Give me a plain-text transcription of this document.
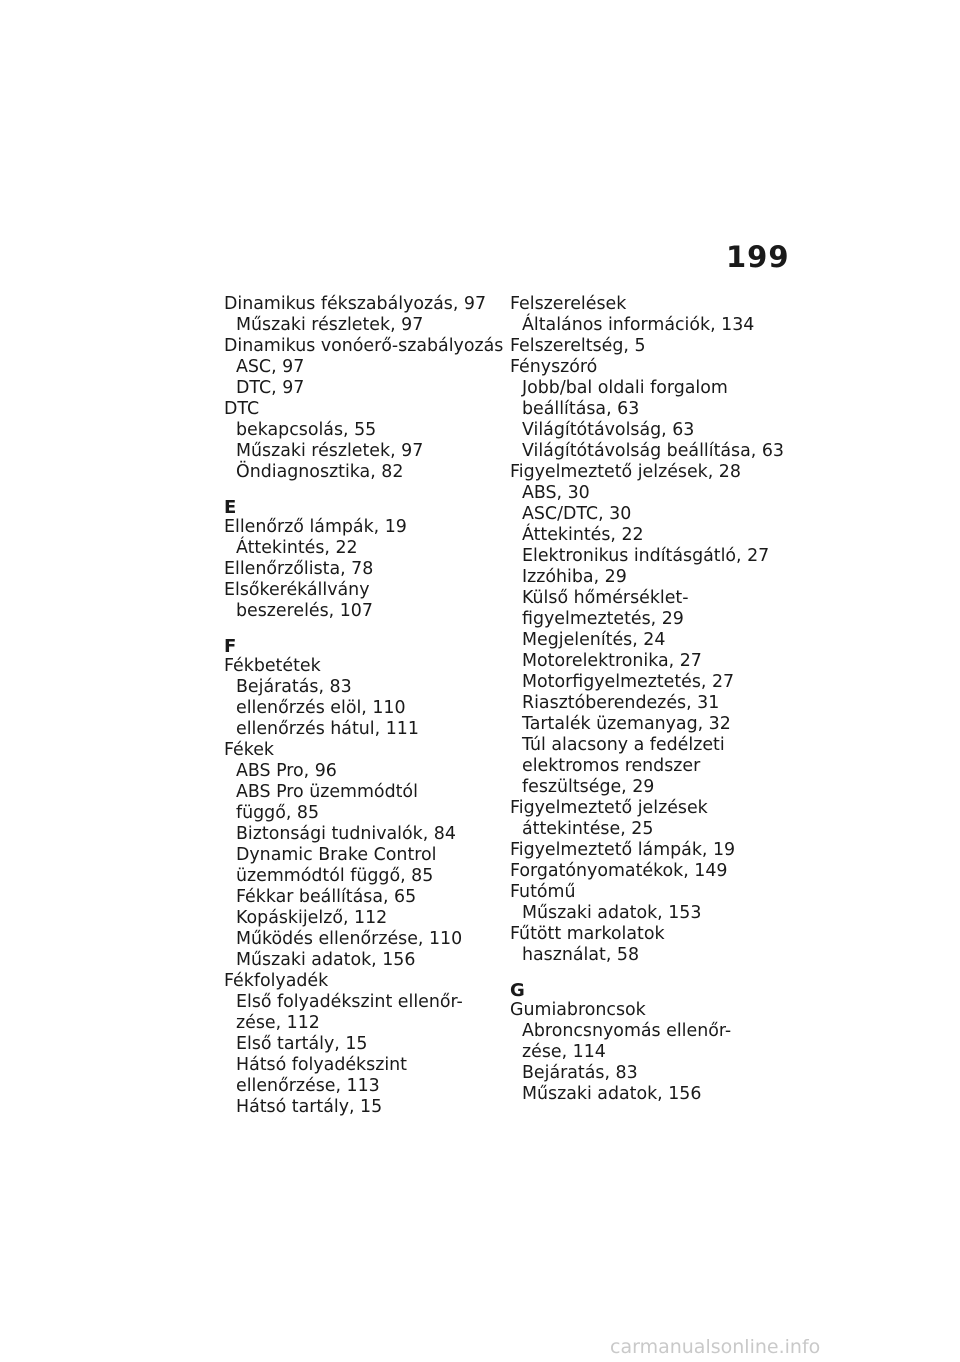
199
Dinamikus fékszabályozás, 97
Műszaki részletek, 97
Dinamikus vonóerő-szabályozás
ASC, 97
DTC, 97
DTC
bekapcsolás, 55
Műszaki részletek, 97
Öndiagnosztika, 82
E
Ellenőrző lámpák, 19
Áttekintés, 22
Ellenőrzőlista, 78
Elsőkerékállvány
beszerelés, 107
F
Fékbetétek
Bejáratás, 83
ellenőrzés elöl, 110
ellenőrzés hátul, 111
Fékek
ABS Pro, 96
ABS Pro üzemmódtól
függő, 85
Biztonsági tudnivalók, 84
Dynamic Brake Control
üzemmódtól függő, 85
Fékkar beállítása, 65
Kopáskijelző, 112
Működés ellenőrzése, 110
Műszaki adatok, 156
Fékfolyadék
Első folyadékszint ellenőr-
zése, 112
Első tartály, 15
Hátsó folyadékszint
ellenőrzése, 113
Hátsó tartály, 15
Felszerelések
Általános információk, 134
Felszereltség, 5
Fényszóró
Jobb/bal oldali forgalom
beállítása, 63
Világítótávolság, 63
Világítótávolság beállítása, 63
Figyelmeztető jelzések, 28
ABS, 30
ASC/DTC, 30
Áttekintés, 22
Elektronikus indításgátló, 27
Izzóhiba, 29
Külső hőmérséklet-
figyelmeztetés, 29
Megjelenítés, 24
Motorelektronika, 27
Motorfigyelmeztetés, 27
Riasztóberendezés, 31
Tartalék üzemanyag, 32
Túl alacsony a fedélzeti
elektromos rendszer
feszültsége, 29
Figyelmeztető jelzések
áttekintése, 25
Figyelmeztető lámpák, 19
Forgatónyomatékok, 149
Futómű
Műszaki adatok, 153
Fűtött markolatok
használat, 58
G
Gumiabroncsok
Abroncsnyomás ellenőr-
zése, 114
Bejáratás, 83
Műszaki adatok, 156
carmanualsonline.info
